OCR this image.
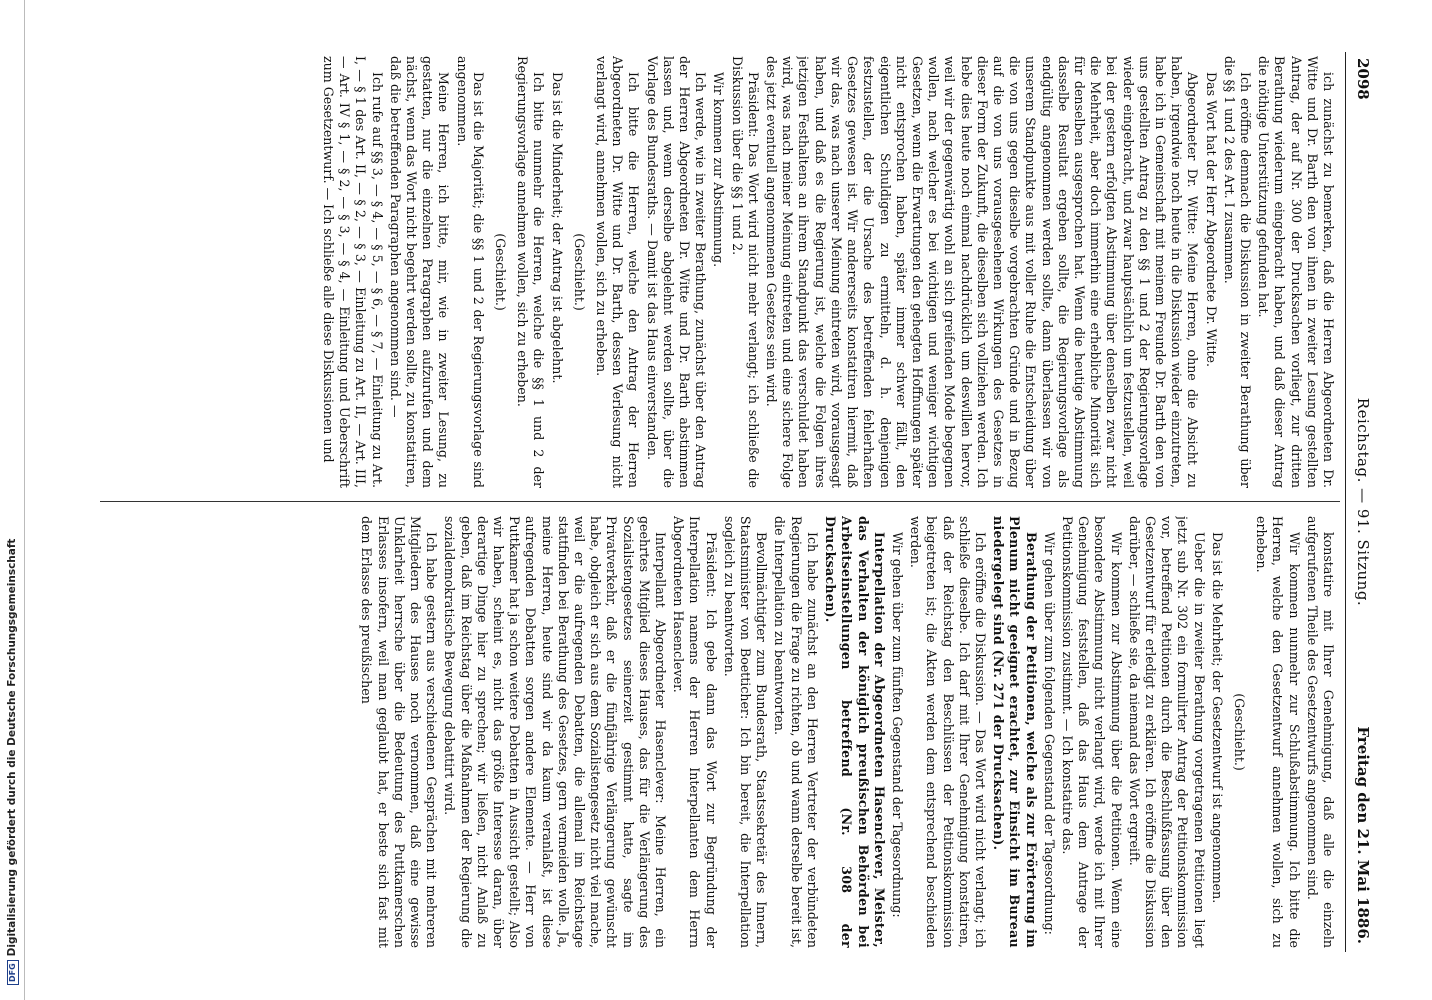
DFGDigitalisierung gefördert durch die Deutsche Forschungsgemeinschaft
2098
Reichstag. — 91. Sitzung.
Freitag den 21. Mai 1886.

ich zunächst zu bemerken, daß die Herren Abgeordneten Dr. Witte und Dr. Barth den von ihnen in zweiter Lesung gestellten Antrag, der auf Nr. 300 der Drucksachen vorliegt, zur dritten Berathung wiederum eingebracht haben, und daß dieser Antrag die nöthige Unterstützung gefunden hat.

Ich eröffne demnach die Diskussion in zweiter Berathung über die §§ 1 und 2 des Art. I zusammen.

Das Wort hat der Herr Abgeordnete Dr. Witte.

Abgeordneter Dr. Witte: Meine Herren, ohne die Absicht zu haben, irgendwie noch heute in die Diskussion wieder einzutreten, habe ich in Gemeinschaft mit meinem Freunde Dr. Barth den von uns gestellten Antrag zu den §§ 1 und 2 der Regierungsvorlage wieder eingebracht, und zwar hauptsächlich um festzustellen, weil bei der gestern erfolgten Abstimmung über denselben zwar nicht die Mehrheit, aber doch immerhin eine erhebliche Minorität sich für denselben ausgesprochen hat. Wenn die heutige Abstimmung dasselbe Resultat ergeben sollte, die Regierungsvorlage als endgültig angenommen werden sollte, dann überlassen wir von unserem Standpunkte aus mit voller Ruhe die Entscheidung über die von uns gegen dieselbe vorgebrachten Gründe und in Bezug auf die von uns vorausgesehenen Wirkungen des Gesetzes in dieser Form der Zukunft, die dieselben sich vollziehen werden. Ich hebe dies heute noch einmal nachdrücklich um deswillen hervor, weil wir der gegenwärtig wohl an sich greifenden Mode begegnen wollen, nach welcher es bei wichtigen und weniger wichtigen Gesetzen, wenn die Erwartungen den gehegten Hoffnungen später nicht entsprochen haben, später immer schwer fällt, den eigentlichen Schuldigen zu ermitteln, d. h. denjenigen festzustellen, der die Ursache des betreffenden fehlerhaften Gesetzes gewesen ist. Wir andererseits konstatiren hiermit, daß wir das, was nach unserer Meinung eintreten wird, vorausgesagt haben, und daß es die Regierung ist, welche die Folgen ihres jetzigen Festhaltens an ihrem Standpunkt das verschuldet haben wird, was nach meiner Meinung eintreten und eine sichere Folge des jetzt eventuell angenommenen Gesetzes sein wird.

Präsident: Das Wort wird nicht mehr verlangt; ich schließe die Diskussion über die §§ 1 und 2.

Wir kommen zur Abstimmung.

Ich werde, wie in zweiter Berathung, zunächst über den Antrag der Herren Abgeordneten Dr. Witte und Dr. Barth abstimmen lassen und, wenn derselbe abgelehnt werden sollte, über die Vorlage des Bundesraths. — Damit ist das Haus einverstanden.

Ich bitte die Herren, welche den Antrag der Herren Abgeordneten Dr. Witte und Dr. Barth, dessen Verlesung nicht verlangt wird, annehmen wollen, sich zu erheben.

(Geschieht.)

Das ist die Minderheit; der Antrag ist abgelehnt.

Ich bitte nunmehr die Herren, welche die §§ 1 und 2 der Regierungsvorlage annehmen wollen, sich zu erheben.

(Geschieht.)

Das ist die Majorität; die §§ 1 und 2 der Regierungsvorlage sind angenommen.

Meine Herren, ich bitte, mir, wie in zweiter Lesung, zu gestatten, nur die einzelnen Paragraphen aufzurufen und dem nächst, wenn das Wort nicht begehrt werden sollte, zu konstatiren, daß die betreffenden Paragraphen angenommen sind. —

Ich rufe auf §§ 3, — § 4, — § 5, — § 6, — § 7, — Einleitung zu Art. I, — § 1 des Art. II, — § 2, — § 3, — Einleitung zu Art. II, — Art. III, — Art. IV § 1, — § 2, — § 3, — § 4, — Einleitung und Ueberschrift zum Gesetzentwurf. — Ich schließe alle diese Diskussionen und

konstatire mit Ihrer Genehmigung, daß alle die einzeln aufgerufenen Theile des Gesetzentwurfs angenommen sind.

Wir kommen nunmehr zur Schlußabstimmung. Ich bitte die Herren, welche den Gesetzentwurf annehmen wollen, sich zu erheben.

(Geschieht.)

Das ist die Mehrheit; der Gesetzentwurf ist angenommen.

Ueber die in zweiter Berathung vorgetragenen Petitionen liegt jetzt sub Nr. 302 ein formulirter Antrag der Petitionskommission vor, betreffend Petitionen durch die Beschlußfassung über den Gesetzentwurf für erledigt zu erklären. Ich eröffne die Diskussion darüber, — schließe sie, da niemand das Wort ergreift.

Wir kommen zur Abstimmung über die Petitionen. Wenn eine besondere Abstimmung nicht verlangt wird, werde ich mit Ihrer Genehmigung feststellen, daß das Haus dem Antrage der Petitionskommission zustimmt. — Ich konstatire das.

Wir gehen über zum folgenden Gegenstand der Tagesordnung:

Berathung der Petitionen, welche als zur Erörterung im Plenum nicht geeignet erachtet, zur Einsicht im Bureau niedergelegt sind (Nr. 271 der Drucksachen).

Ich eröffne die Diskussion. — Das Wort wird nicht verlangt; ich schließe dieselbe. Ich darf mit Ihrer Genehmigung konstatiren, daß der Reichstag den Beschlüssen der Petitionskommission beigetreten ist; die Akten werden dem entsprechend beschieden werden.

Wir gehen über zum fünften Gegenstand der Tagesordnung:

Interpellation der Abgeordneten Hasenclever, Meister, das Verhalten der königlich preußischen Behörden bei Arbeitseinstellungen betreffend (Nr. 308 der Drucksachen).

Ich habe zunächst an den Herren Vertreter der verbündeten Regierungen die Frage zu richten, ob und wann derselbe bereit ist, die Interpellation zu beantworten.

Bevollmächtigter zum Bundesrath, Staatssekretär des Innern, Staatsminister von Boetticher: Ich bin bereit, die Interpellation sogleich zu beantworten.

Präsident: Ich gebe dann das Wort zur Begründung der Interpellation namens der Herren Interpellanten dem Herrn Abgeordneten Hasenclever.

Interpellant Abgeordneter Hasenclever: Meine Herren, ein geehrtes Mitglied dieses Hauses, das für die Verlängerung des Sozialistengesetzes seinerzeit gestimmt hatte, sagte im Privatverkehr, daß er die fünfjährige Verlängerung gewünscht habe, obgleich er sich aus dem Sozialistengesetz nicht viel mache, weil er die aufregenden Debatten, die allemal im Reichstage stattfinden bei Berathung des Gesetzes, gern vermeiden wolle. Ja, meine Herren, heute sind wir da kaum veranlaßt, ist diese aufregenden Debatten sorgen andere Elemente. — Herr von Puttkamer hat ja schon weitere Debatten in Aussicht gestellt; Also wir haben, scheint es, nicht das größte Interesse daran, über derartige Dinge hier zu sprechen; wir ließen, nicht Anlaß zu geben, daß im Reichstag über die Maßnahmen der Regierung die sozialdemokratische Bewegung debattirt wird.

Ich habe gestern aus verschiedenen Gesprächen mit mehreren Mitgliedern des Hauses noch vernommen, daß eine gewisse Unklarheit herrsche über die Bedeutung des Puttkamerschen Erlasses insofern, weil man geglaubt hat, er beste sich fast mit dem Erlasse des preußischen
